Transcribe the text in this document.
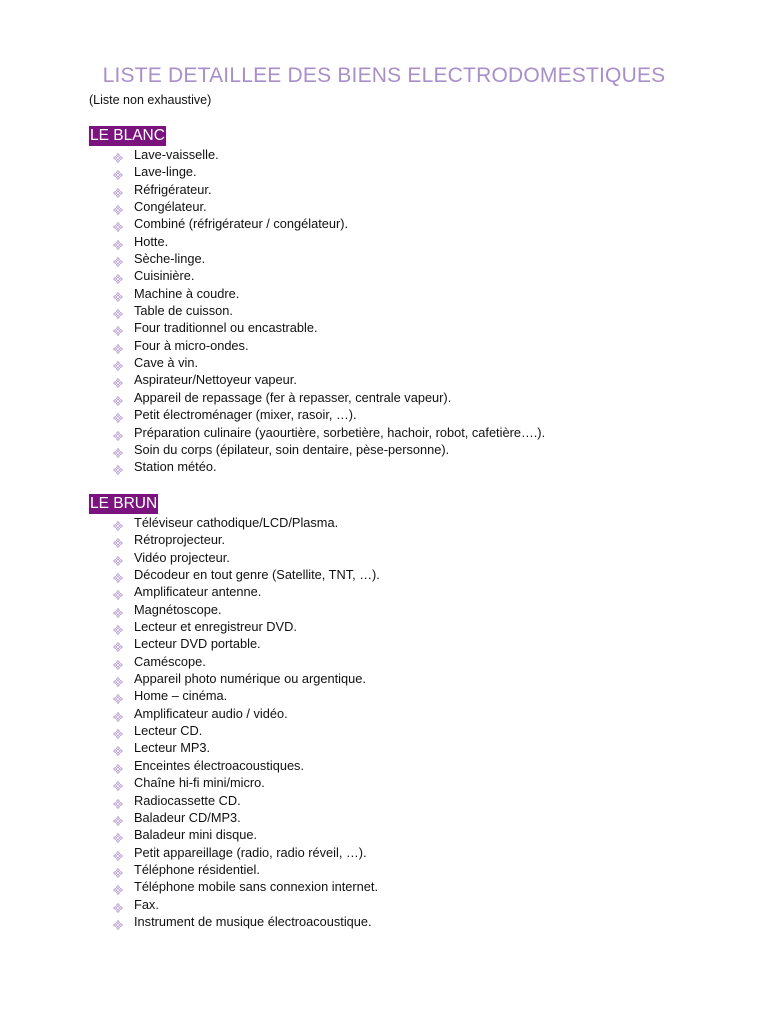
LISTE DETAILLEE DES BIENS ELECTRODOMESTIQUES
(Liste non exhaustive)
LE BLANC
Lave-vaisselle.
Lave-linge.
Réfrigérateur.
Congélateur.
Combiné (réfrigérateur / congélateur).
Hotte.
Sèche-linge.
Cuisinière.
Machine à coudre.
Table de cuisson.
Four traditionnel ou encastrable.
Four à micro-ondes.
Cave à vin.
Aspirateur/Nettoyeur vapeur.
Appareil de repassage (fer à repasser, centrale vapeur).
Petit électroménager (mixer, rasoir, …).
Préparation culinaire (yaourtière, sorbetière, hachoir, robot, cafetière….).
Soin du corps (épilateur, soin dentaire, pèse-personne).
Station météo.
LE BRUN
Téléviseur cathodique/LCD/Plasma.
Rétroprojecteur.
Vidéo projecteur.
Décodeur en tout genre (Satellite, TNT, …).
Amplificateur antenne.
Magnétoscope.
Lecteur et enregistreur DVD.
Lecteur DVD portable.
Caméscope.
Appareil photo numérique ou argentique.
Home – cinéma.
Amplificateur audio / vidéo.
Lecteur CD.
Lecteur MP3.
Enceintes électroacoustiques.
Chaîne hi-fi mini/micro.
Radiocassette CD.
Baladeur CD/MP3.
Baladeur mini disque.
Petit appareillage (radio, radio réveil, …).
Téléphone résidentiel.
Téléphone mobile sans connexion internet.
Fax.
Instrument de musique électroacoustique.
